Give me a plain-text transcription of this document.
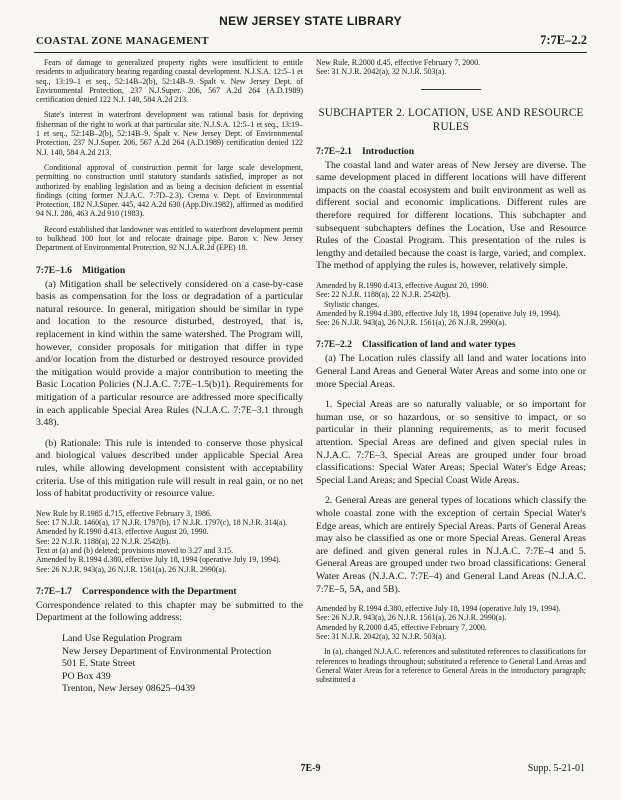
NEW JERSEY STATE LIBRARY
COASTAL ZONE MANAGEMENT	7:7E–2.2

Fears of damage to generalized property rights were insufficient to entitle residents to adjudicatory hearing regarding coastal development. N.J.S.A. 12:5–1 et seq., 13:19–1 et seq., 52:14B–2(b), 52:14B–9. Spalt v. New Jersey Dept. of Environmental Protection, 237 N.J.Super. 206, 567 A.2d 264 (A.D.1989) certification denied 122 N.J. 140, 584 A.2d 213.

State's interest in waterfront development was rational basis for depriving fisherman of the right to work at that particular site. N.J.S.A. 12:5–1 et seq., 13:19–1 et seq., 52:14B–2(b), 52:14B–9. Spalt v. New Jersey Dept. of Environmental Protection, 237 N.J.Super. 206, 567 A.2d 264 (A.D.1989) certification denied 122 N.J. 140, 584 A.2d 213.

Conditional approval of construction permit for large scale development, permitting no construction until statutory standards satisfied, improper as not authorized by enabling legislation and as being a decision deficient in essential findings (citing former N.J.A.C. 7:7D–2.3). Crema v. Dept. of Environmental Protection, 182 N.J.Super. 445, 442 A.2d 630 (App.Div.1982), affirmed as modified 94 N.J. 286, 463 A.2d 910 (1983).

Record established that landowner was entitled to waterfront development permit to bulkhead 100 foot lot and relocate drainage pipe. Baron v. New Jersey Department of Environmental Protection, 92 N.J.A.R.2d (EPE) 18.

7:7E–1.6 Mitigation

(a) Mitigation shall be selectively considered on a case-by-case basis as compensation for the loss or degradation of a particular natural resource. In general, mitigation should be similar in type and location to the resource disturbed, destroyed, that is, replacement in kind within the same watershed. The Program will, however, consider proposals for mitigation that differ in type and/or location from the disturbed or destroyed resource provided the mitigation would provide a major contribution to meeting the Basic Location Policies (N.J.A.C. 7:7E–1.5(b)1). Requirements for mitigation of a particular resource are addressed more specifically in each applicable Special Area Rules (N.J.A.C. 7:7E–3.1 through 3.48).

(b) Rationale: This rule is intended to conserve those physical and biological values described under applicable Special Area rules, while allowing development consistent with acceptability criteria. Use of this mitigation rule will result in real gain, or no net loss of habitat productivity or resource value.

New Rule by R.1985 d.715, effective February 3, 1986.

See: 17 N.J.R. 1460(a), 17 N.J.R. 1797(b), 17 N.J.R. 1797(c), 18 N.J.R. 314(a).

Amended by R.1990 d.413, effective August 20, 1990.

See: 22 N.J.R. 1188(a), 22 N.J.R. 2542(b).

Text at (a) and (b) deleted; provisions moved to 3.27 and 3.15.

Amended by R.1994 d.380, effective July 18, 1994 (operative July 19, 1994).

See: 26 N.J.R. 943(a), 26 N.J.R. 1561(a), 26 N.J.R. 2990(a).

7:7E–1.7 Correspondence with the Department

Correspondence related to this chapter may be submitted to the Department at the following address:

Land Use Regulation Program

New Jersey Department of Environmental Protection

501 E. State Street

PO Box 439

Trenton, New Jersey 08625–0439

New Rule, R.2000 d.45, effective February 7, 2000.

See: 31 N.J.R. 2042(a), 32 N.J.R. 503(a).

SUBCHAPTER 2. LOCATION, USE AND RESOURCE RULES
7:7E–2.1 Introduction

The coastal land and water areas of New Jersey are diverse. The same development placed in different locations will have different impacts on the coastal ecosystem and built environment as well as different social and economic implications. Different rules are therefore required for different locations. This subchapter and subsequent subchapters defines the Location, Use and Resource Rules of the Coastal Program. This presentation of the rules is lengthy and detailed because the coast is large, varied, and complex. The method of applying the rules is, however, relatively simple.

Amended by R.1990 d.413, effective August 20, 1990.

See: 22 N.J.R. 1188(a), 22 N.J.R. 2542(b).

Stylistic changes.

Amended by R.1994 d.380, effective July 18, 1994 (operative July 19, 1994).

See: 26 N.J.R. 943(a), 26 N.J.R. 1561(a), 26 N.J.R. 2990(a).

7:7E–2.2 Classification of land and water types

(a) The Location rules classify all land and water locations into General Land Areas and General Water Areas and some into one or more Special Areas.

1. Special Areas are so naturally valuable, or so important for human use, or so hazardous, or so sensitive to impact, or so particular in their planning requirements, as to merit focused attention. Special Areas are defined and given special rules in N.J.A.C. 7:7E–3. Special Areas are grouped under four broad classifications: Special Water Areas; Special Water's Edge Areas; Special Land Areas; and Special Coast Wide Areas.

2. General Areas are general types of locations which classify the whole coastal zone with the exception of certain Special Water's Edge areas, which are entirely Special Areas. Parts of General Areas may also be classified as one or more Special Areas. General Areas are defined and given general rules in N.J.A.C. 7:7E–4 and 5. General Areas are grouped under two broad classifications: General Water Areas (N.J.A.C. 7:7E–4) and General Land Areas (N.J.A.C. 7:7E–5, 5A, and 5B).

Amended by R.1994 d.380, effective July 18, 1994 (operative July 19, 1994).

See: 26 N.J.R. 943(a), 26 N.J.R. 1561(a), 26 N.J.R. 2990(a).

Amended by R.2000 d.45, effective February 7, 2000.

See: 31 N.J.R. 2042(a), 32 N.J.R. 503(a).

In (a), changed N.J.A.C. references and substituted references to classifications for references to headings throughout; substituted a reference to General Land Areas and General Water Areas for a reference to General Areas in the introductory paragraph; substituted a

7E-9	Supp. 5-21-01
